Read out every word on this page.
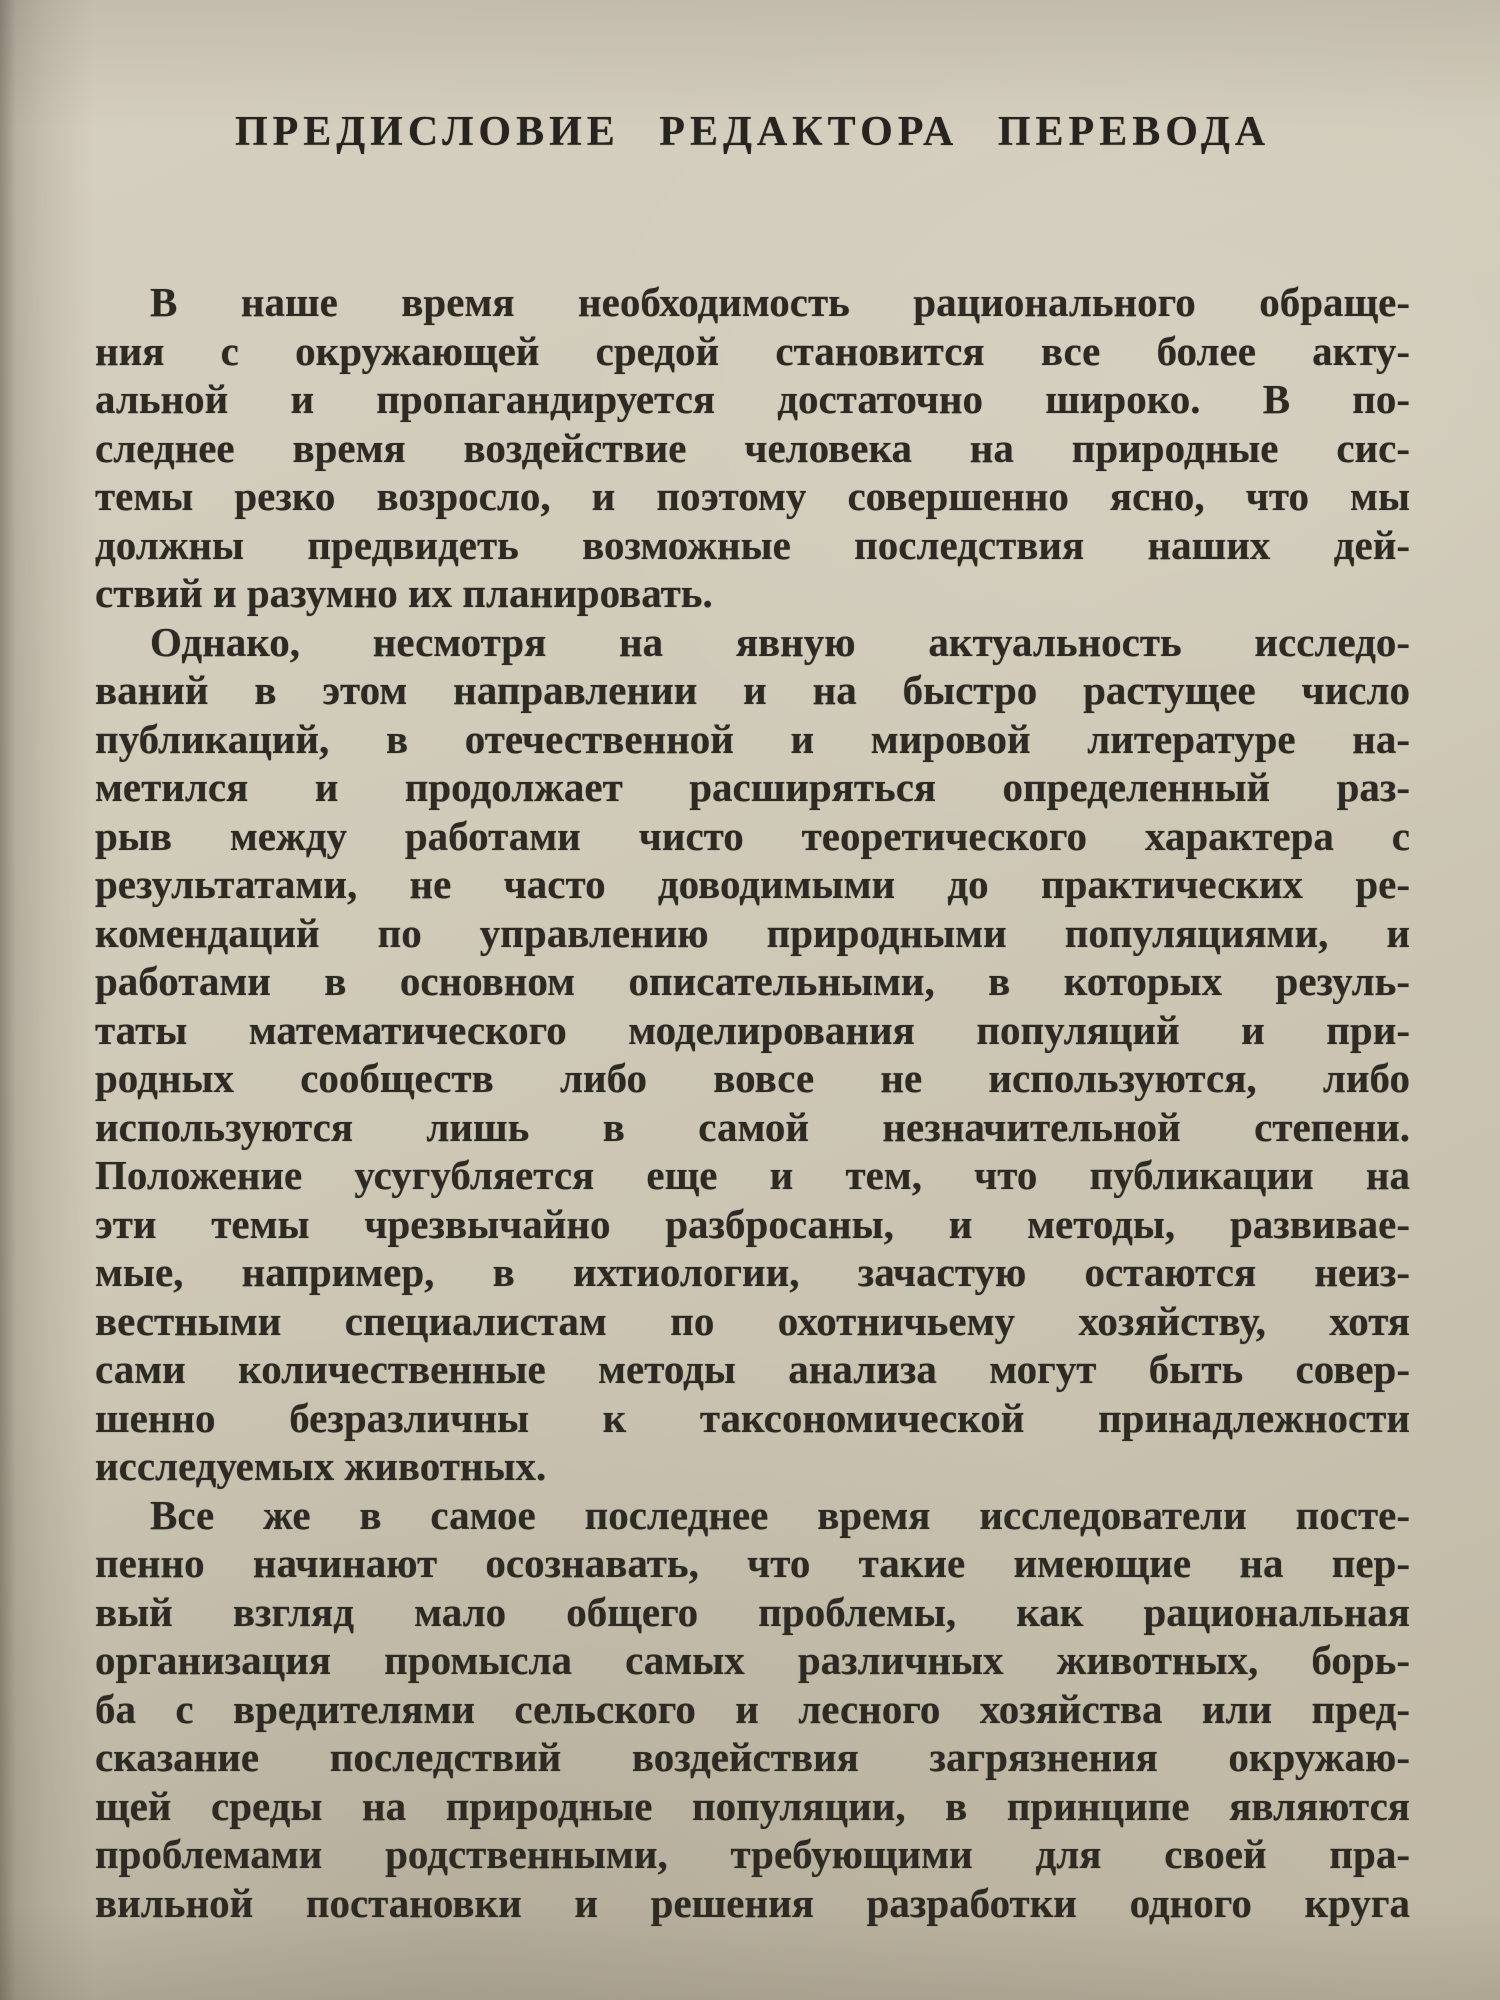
ПРЕДИСЛОВИЕ РЕДАКТОРА ПЕРЕВОДА
В наше время необходимость рационального обраще-
ния с окружающей средой становится все более акту-
альной и пропагандируется достаточно широко. В по-
следнее время воздействие человека на природные сис-
темы резко возросло, и поэтому совершенно ясно, что мы
должны предвидеть возможные последствия наших дей-
ствий и разумно их планировать.
Однако, несмотря на явную актуальность исследо-
ваний в этом направлении и на быстро растущее число
публикаций, в отечественной и мировой литературе на-
метился и продолжает расширяться определенный раз-
рыв между работами чисто теоретического характера с
результатами, не часто доводимыми до практических ре-
комендаций по управлению природными популяциями, и
работами в основном описательными, в которых резуль-
таты математического моделирования популяций и при-
родных сообществ либо вовсе не используются, либо
используются лишь в самой незначительной степени.
Положение усугубляется еще и тем, что публикации на
эти темы чрезвычайно разбросаны, и методы, развивае-
мые, например, в ихтиологии, зачастую остаются неиз-
вестными специалистам по охотничьему хозяйству, хотя
сами количественные методы анализа могут быть совер-
шенно безразличны к таксономической принадлежности
исследуемых животных.
Все же в самое последнее время исследователи посте-
пенно начинают осознавать, что такие имеющие на пер-
вый взгляд мало общего проблемы, как рациональная
организация промысла самых различных животных, борь-
ба с вредителями сельского и лесного хозяйства или пред-
сказание последствий воздействия загрязнения окружаю-
щей среды на природные популяции, в принципе являются
проблемами родственными, требующими для своей пра-
вильной постановки и решения разработки одного круга
